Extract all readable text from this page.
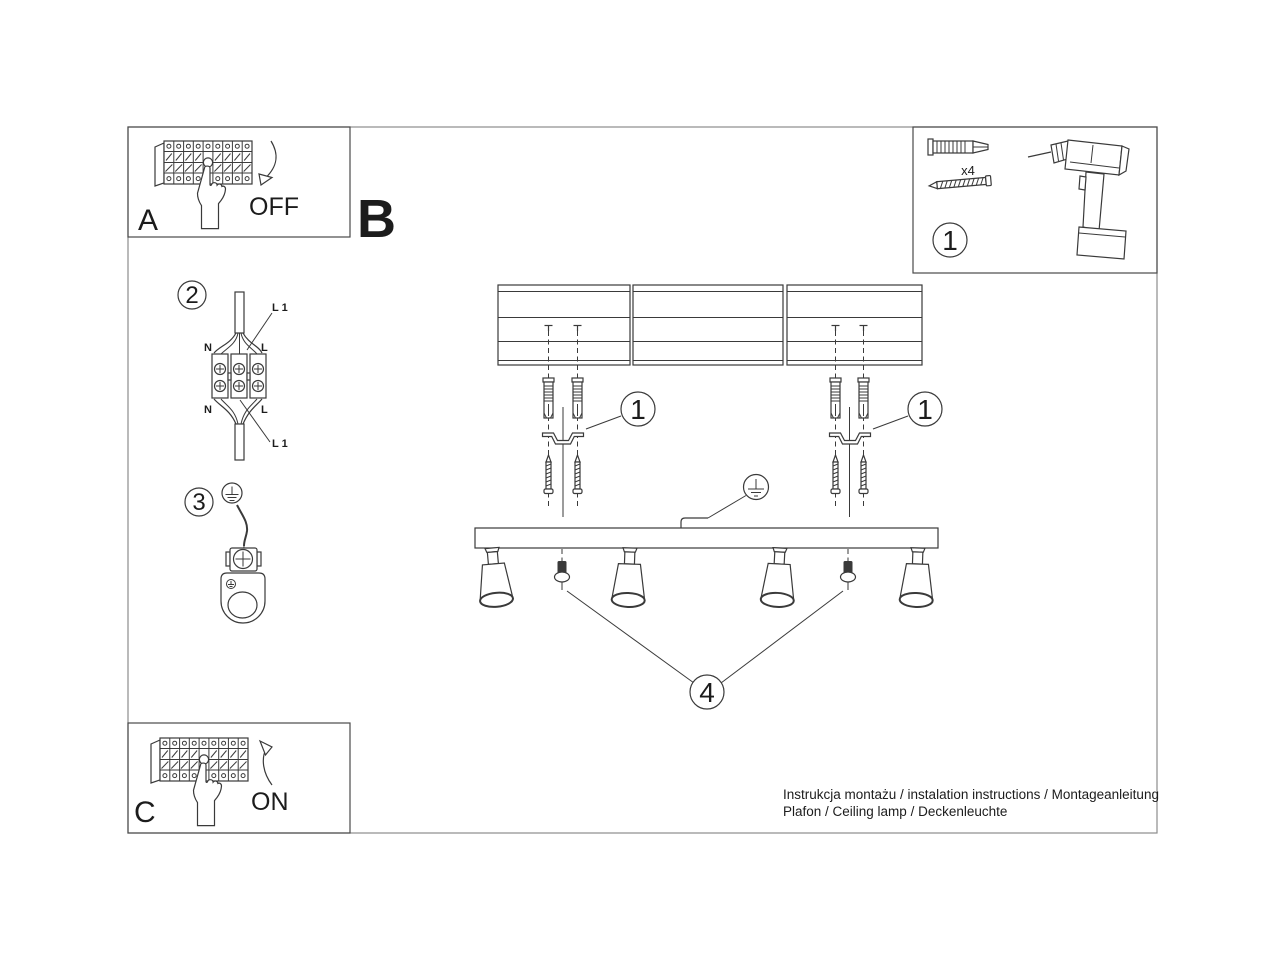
A	OFF B
x4
1
2	L 1
N	L
N	L
L 1
3
1	1
4
C	ON	Instrukcja montażu / instalation instructions / Montageanleitung
Plafon / Ceiling lamp / Deckenleuchte
